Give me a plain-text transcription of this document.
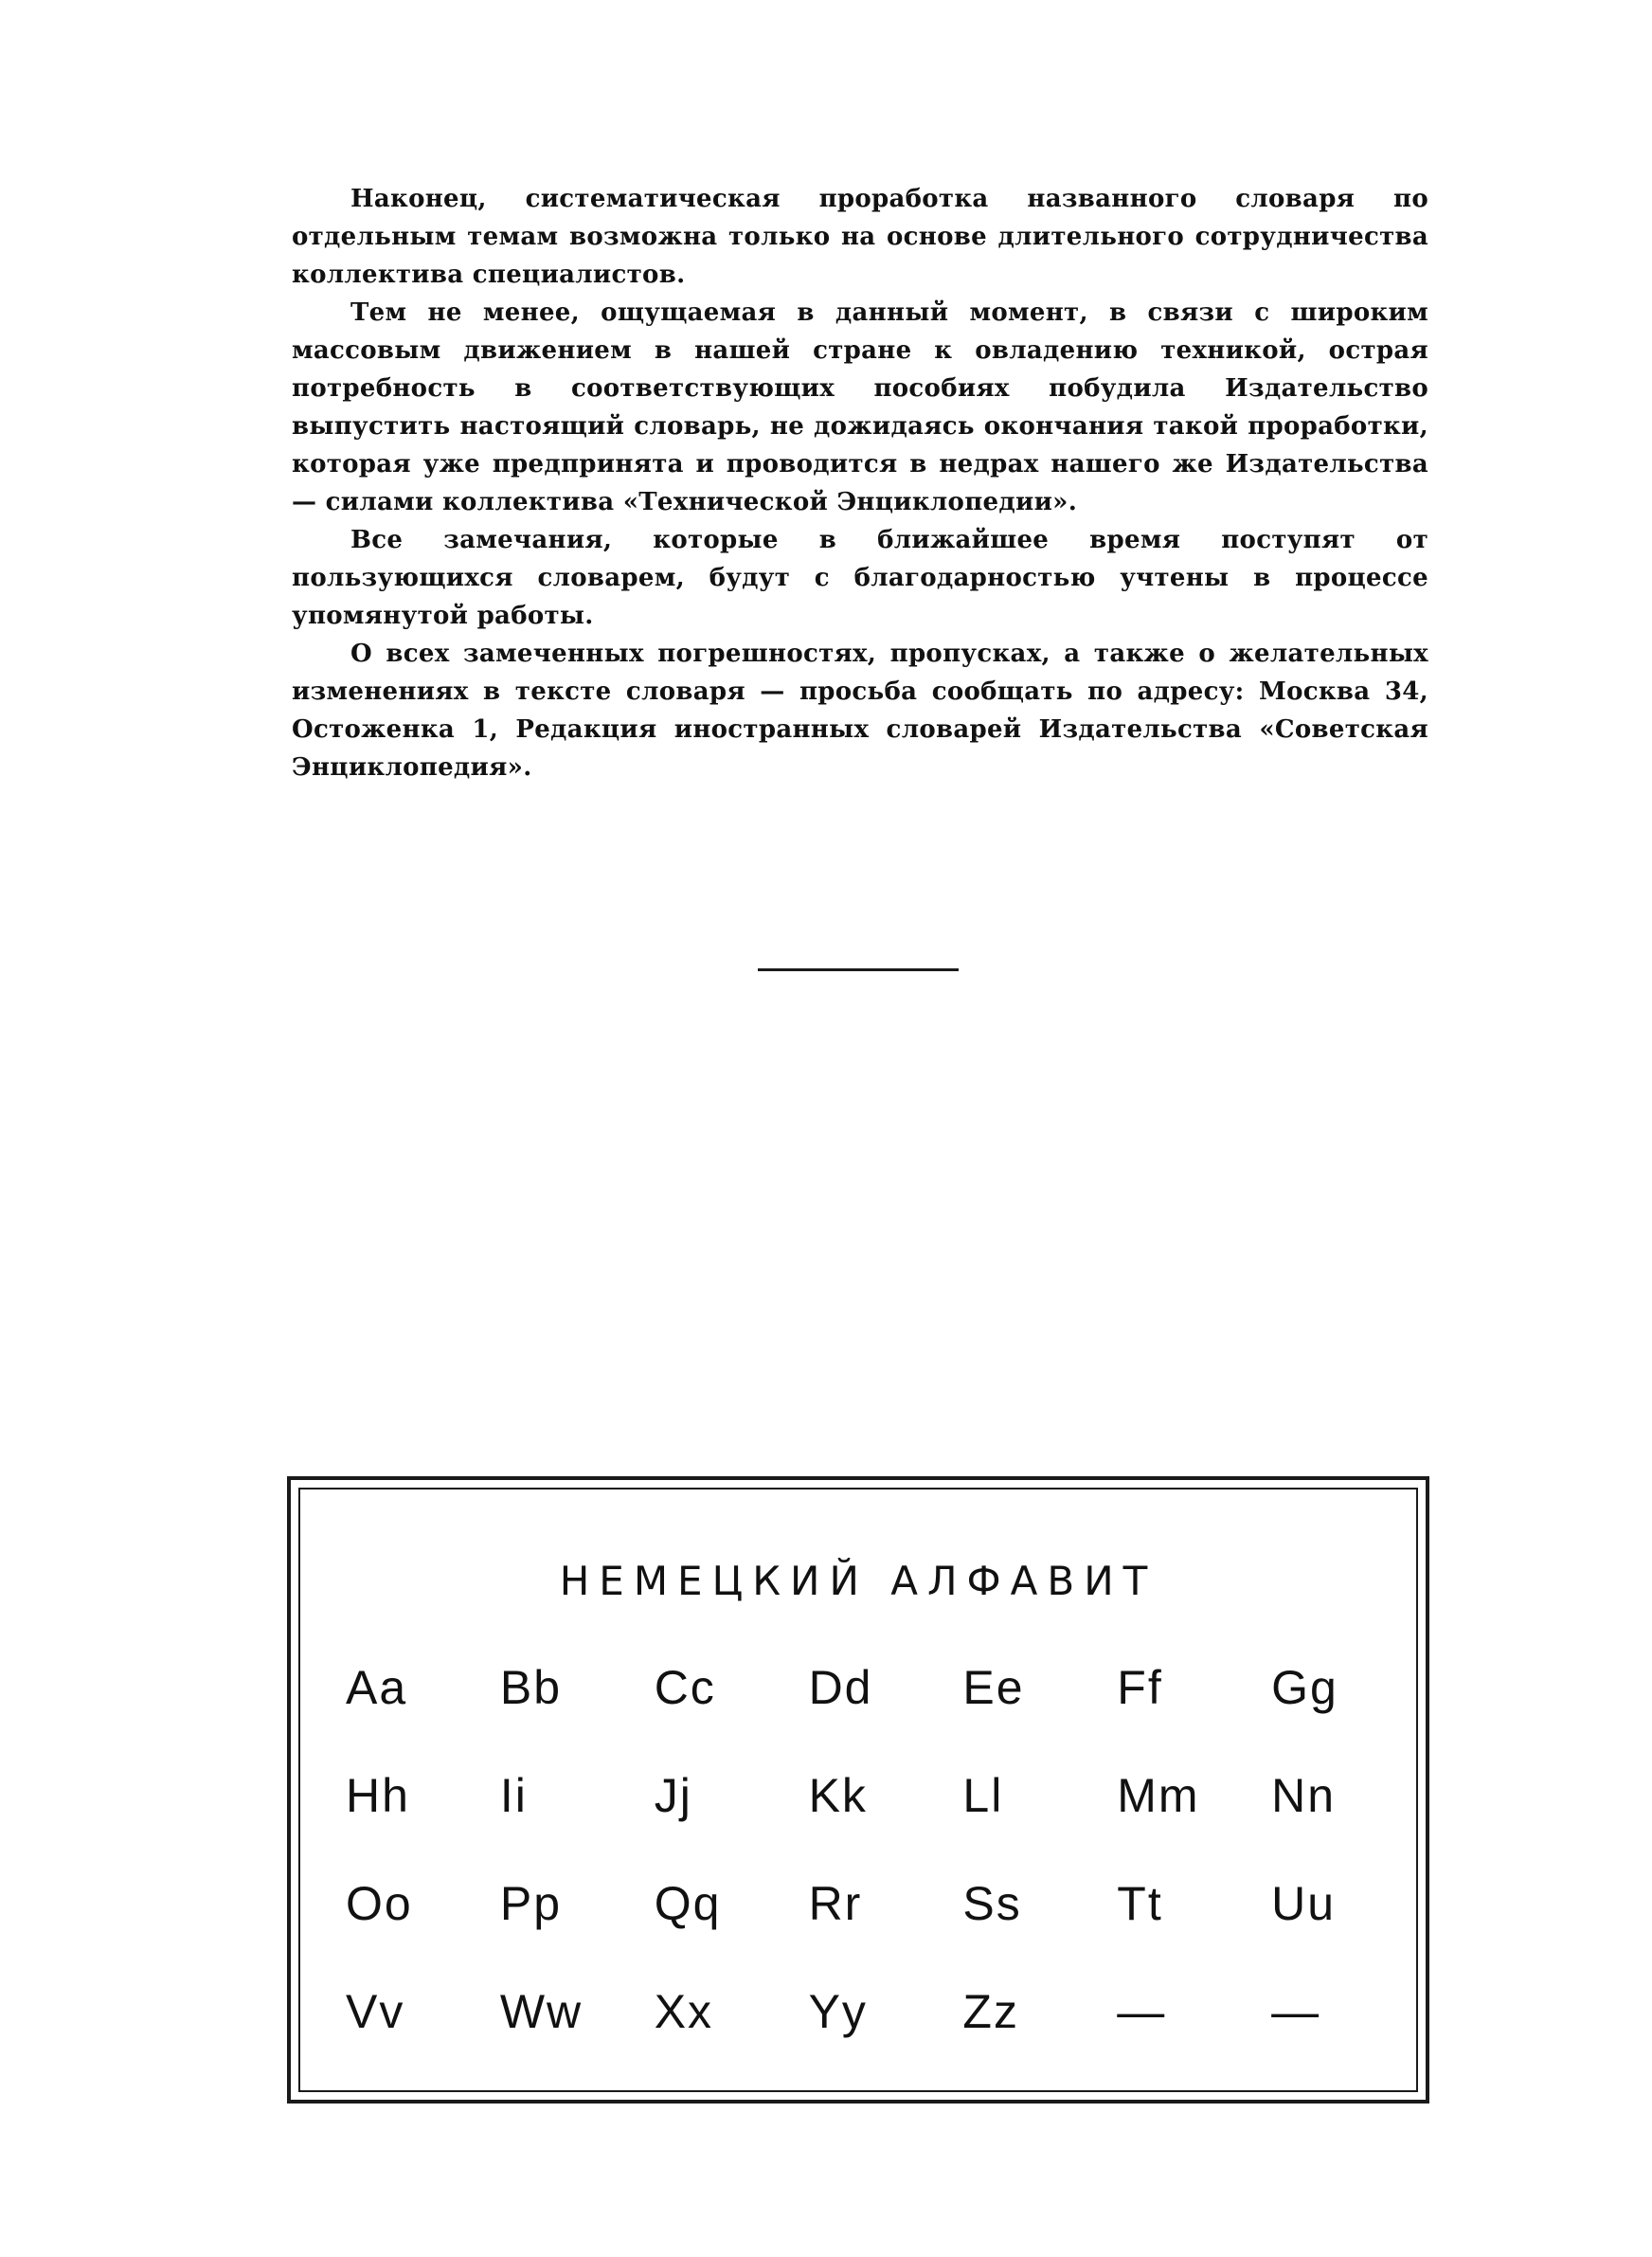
Наконец, систематическая проработка названного словаря по отдельным темам возможна только на основе длительного сотрудничества коллектива специалистов.

Тем не менее, ощущаемая в данный момент, в связи с широким массовым движением в нашей стране к овладению техникой, острая потребность в соответствующих пособиях побудила Издательство выпустить настоящий словарь, не дожидаясь окончания такой проработки, которая уже предпринята и проводится в недрах нашего же Издательства — силами коллектива «Технической Энциклопедии».

Все замечания, которые в ближайшее время поступят от пользующихся словарем, будут с благодарностью учтены в процессе упомянутой работы.

О всех замеченных погрешностях, пропусках, а также о желательных изменениях в тексте словаря — просьба сообщать по адресу: Москва 34, Остоженка 1, Редакция иностранных словарей Издательства «Советская Энциклопедия».

НЕМЕЦКИЙ АЛФАВИТ
Aa	Bb	Cc	Dd	Ee	Ff	Gg
Hh	Ii	Jj	Kk	Ll	Mm	Nn
Oo	Pp	Qq	Rr	Ss	Tt	Uu
Vv	Ww	Xx	Yy	Zz	—	—
